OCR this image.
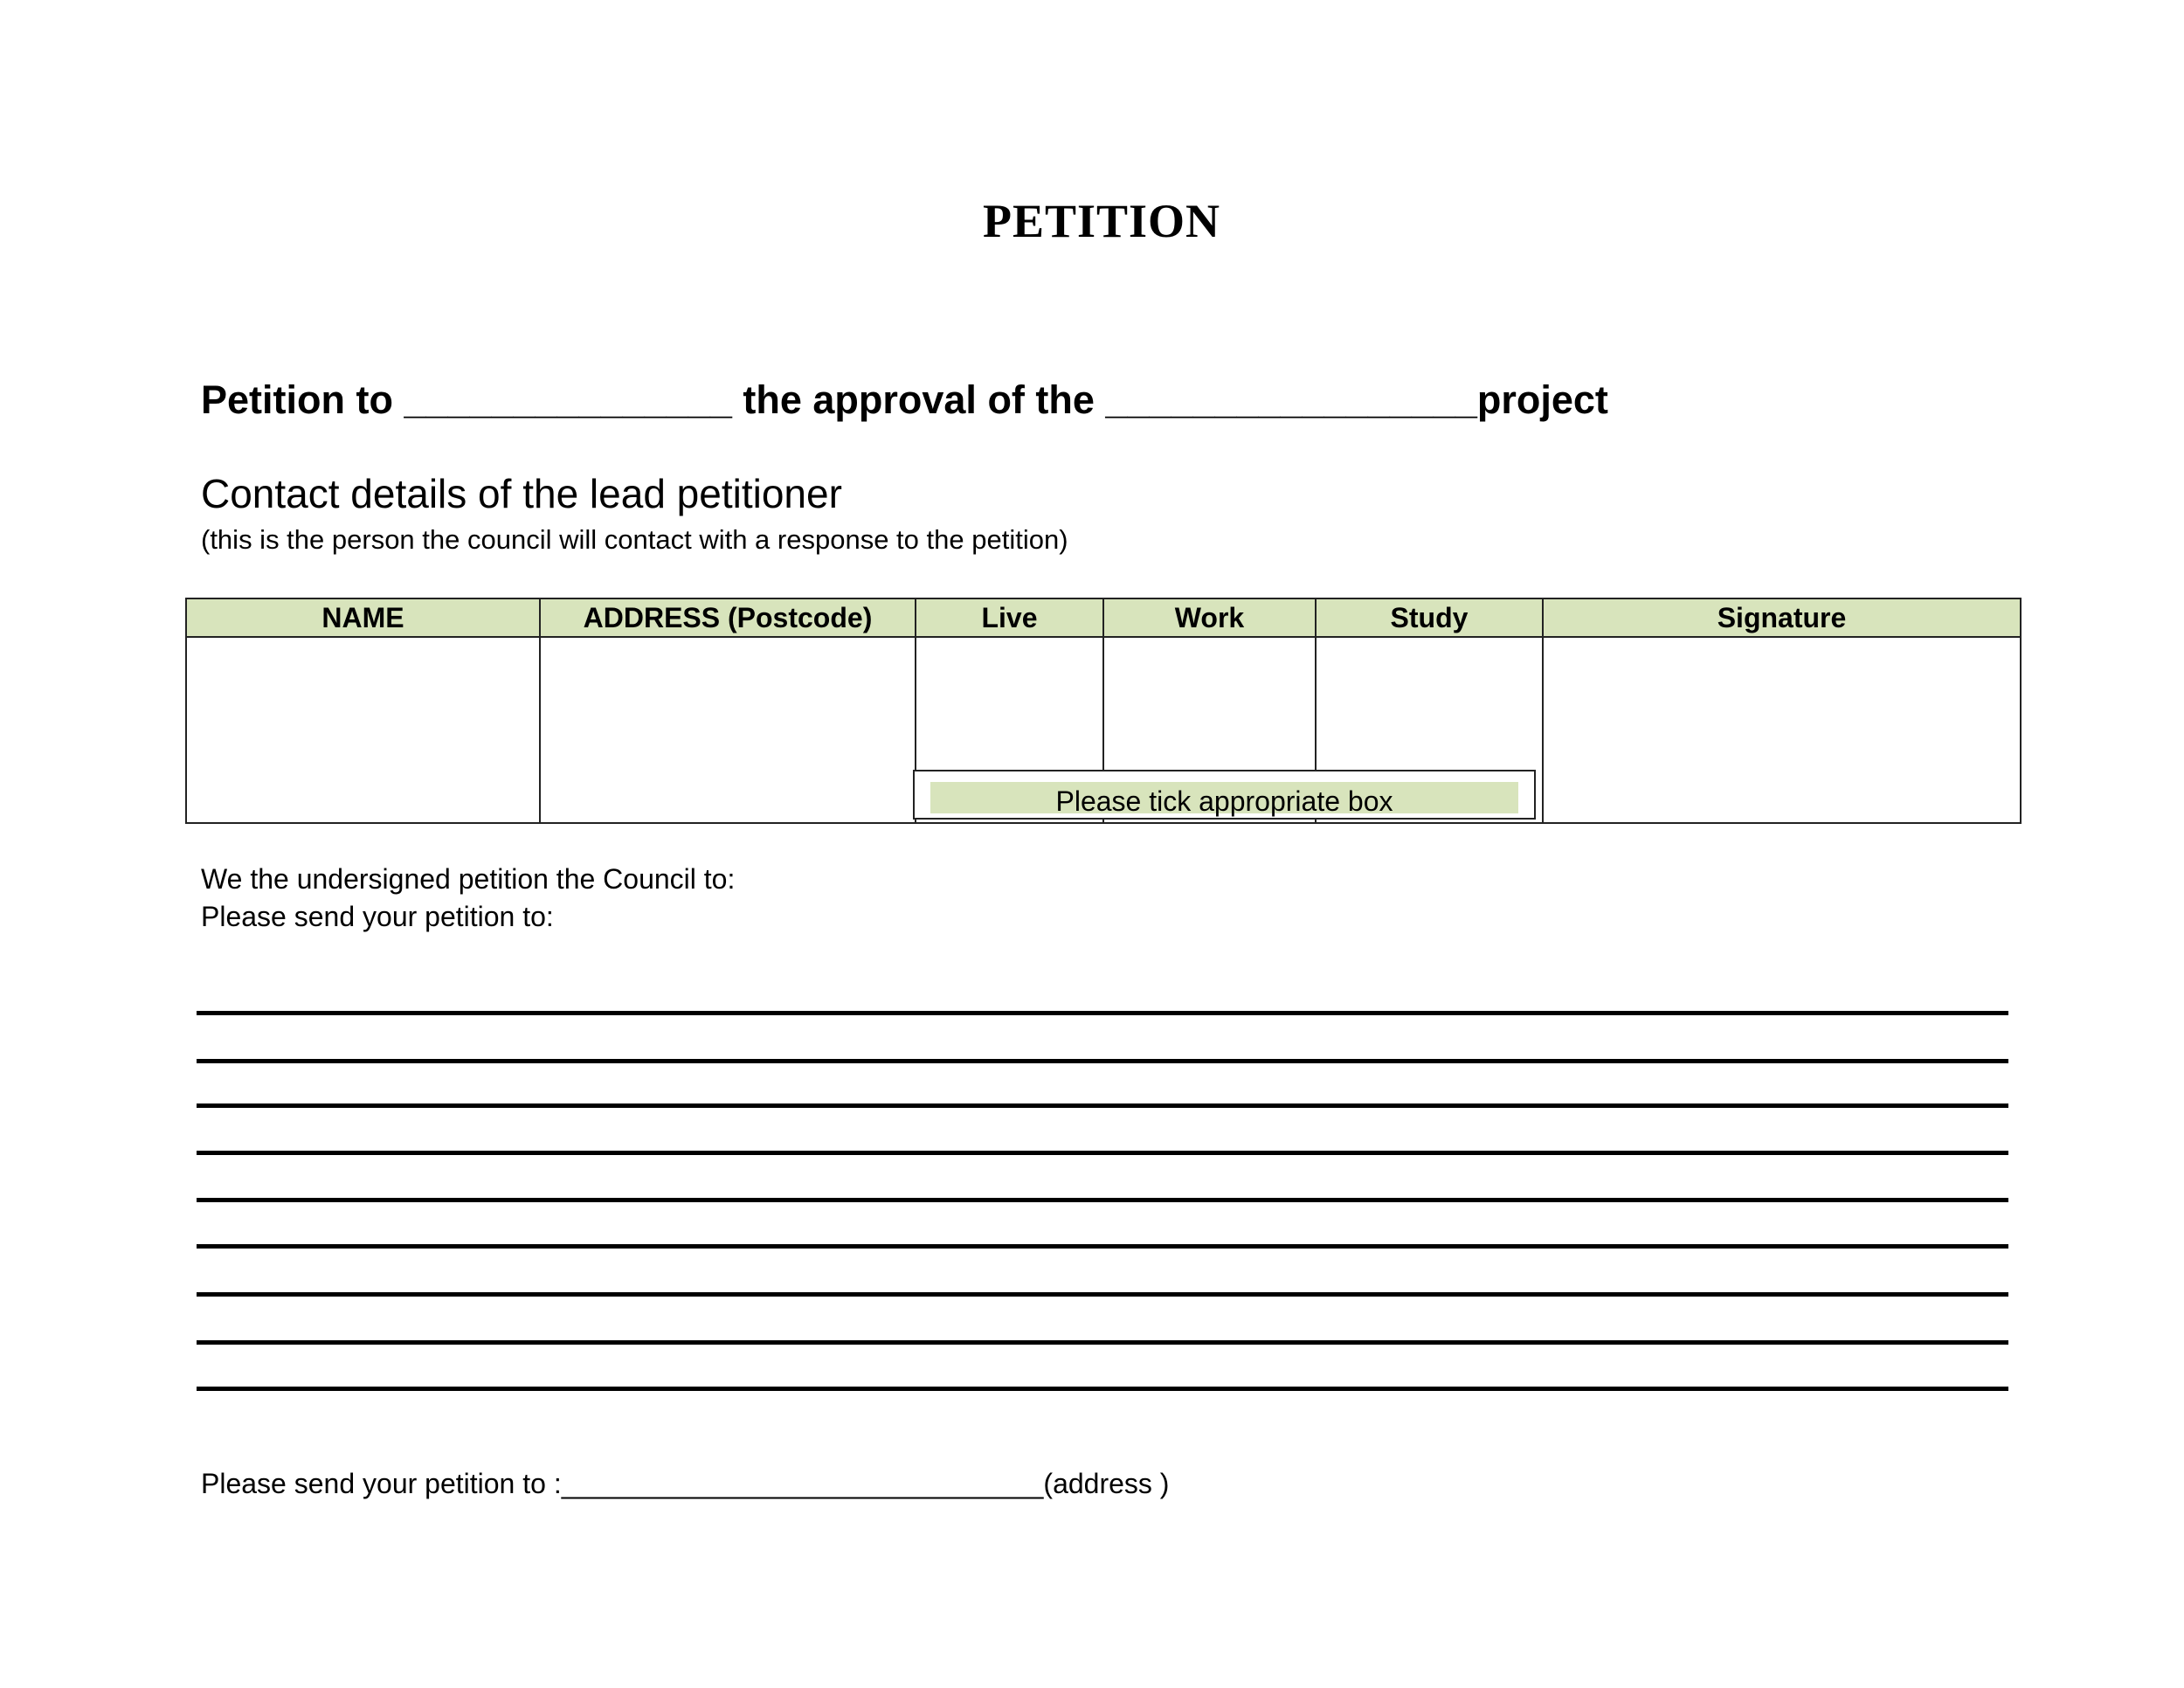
PETITION
Petition to _______________ the approval of the _________________project
Contact details of the lead petitioner
(this is the person the council will contact with a response to the petition)
NAME	ADDRESS (Postcode)	Live	Work	Study	Signature

Please tick appropriate box
We the undersigned petition the Council to:
Please send your petition to:
Please send your petition to :_______________________________(address )
